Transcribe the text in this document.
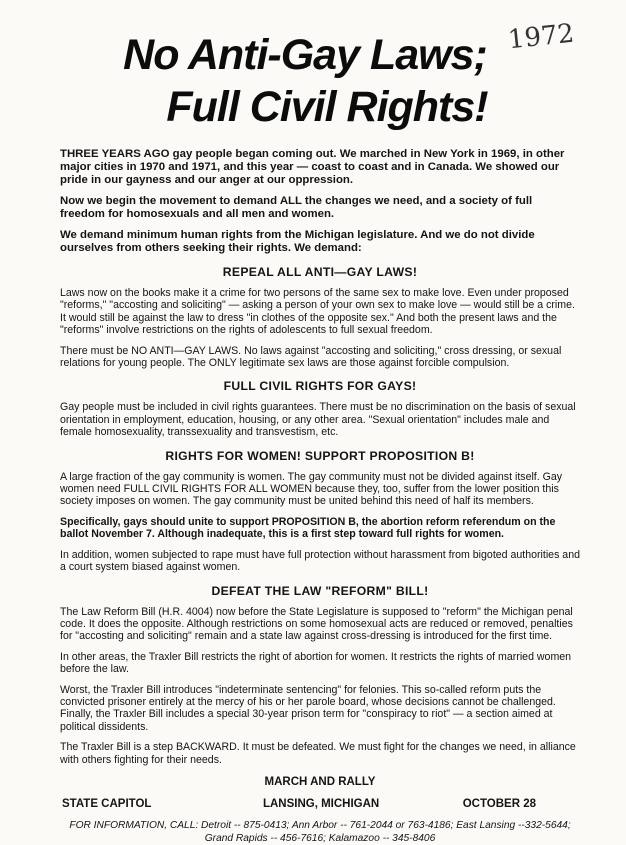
No Anti-Gay Laws;
Full Civil Rights!
1972

THREE YEARS AGO gay people began coming out. We marched in New York in 1969, in other major cities in 1970 and 1971, and this year — coast to coast and in Canada. We showed our pride in our gayness and our anger at our oppression.

Now we begin the movement to demand ALL the changes we need, and a society of full freedom for homosexuals and all men and women.

We demand minimum human rights from the Michigan legislature. And we do not divide ourselves from others seeking their rights. We demand:

REPEAL ALL ANTI—GAY LAWS!

Laws now on the books make it a crime for two persons of the same sex to make love. Even under proposed "reforms," "accosting and soliciting" — asking a person of your own sex to make love — would still be a crime. It would still be against the law to dress "in clothes of the opposite sex." And both the present laws and the "reforms" involve restrictions on the rights of adolescents to full sexual freedom.

There must be NO ANTI—GAY LAWS. No laws against "accosting and soliciting," cross dressing, or sexual relations for young people. The ONLY legitimate sex laws are those against forcible compulsion.

FULL CIVIL RIGHTS FOR GAYS!

Gay people must be included in civil rights guarantees. There must be no discrimination on the basis of sexual orientation in employment, education, housing, or any other area. "Sexual orientation" includes male and female homosexuality, transsexuality and transvestism, etc.

RIGHTS FOR WOMEN! SUPPORT PROPOSITION B!

A large fraction of the gay community is women. The gay community must not be divided against itself. Gay women need FULL CIVIL RIGHTS FOR ALL WOMEN because they, too, suffer from the lower position this society imposes on women. The gay community must be united behind this need of half its members.

Specifically, gays should unite to support PROPOSITION B, the abortion reform referendum on the ballot November 7. Although inadequate, this is a first step toward full rights for women.

In addition, women subjected to rape must have full protection without harassment from bigoted authorities and a court system biased against women.

DEFEAT THE LAW "REFORM" BILL!

The Law Reform Bill (H.R. 4004) now before the State Legislature is supposed to "reform" the Michigan penal code. It does the opposite. Although restrictions on some homosexual acts are reduced or removed, penalties for "accosting and soliciting" remain and a state law against cross-dressing is introduced for the first time.

In other areas, the Traxler Bill restricts the right of abortion for women. It restricts the rights of married women before the law.

Worst, the Traxler Bill introduces "indeterminate sentencing" for felonies. This so-called reform puts the convicted prisoner entirely at the mercy of his or her parole board, whose decisions cannot be challenged. Finally, the Traxler Bill includes a special 30-year prison term for "conspiracy to riot" — a section aimed at political dissidents.

The Traxler Bill is a step BACKWARD. It must be defeated. We must fight for the changes we need, in alliance with others fighting for their needs.

MARCH AND RALLY
STATE CAPITOL	LANSING, MICHIGAN	OCTOBER 28
FOR INFORMATION, CALL: Detroit -- 875-0413; Ann Arbor -- 761-2044 or 763-4186; East Lansing --332-5644;
Grand Rapids -- 456-7616; Kalamazoo -- 345-8406
